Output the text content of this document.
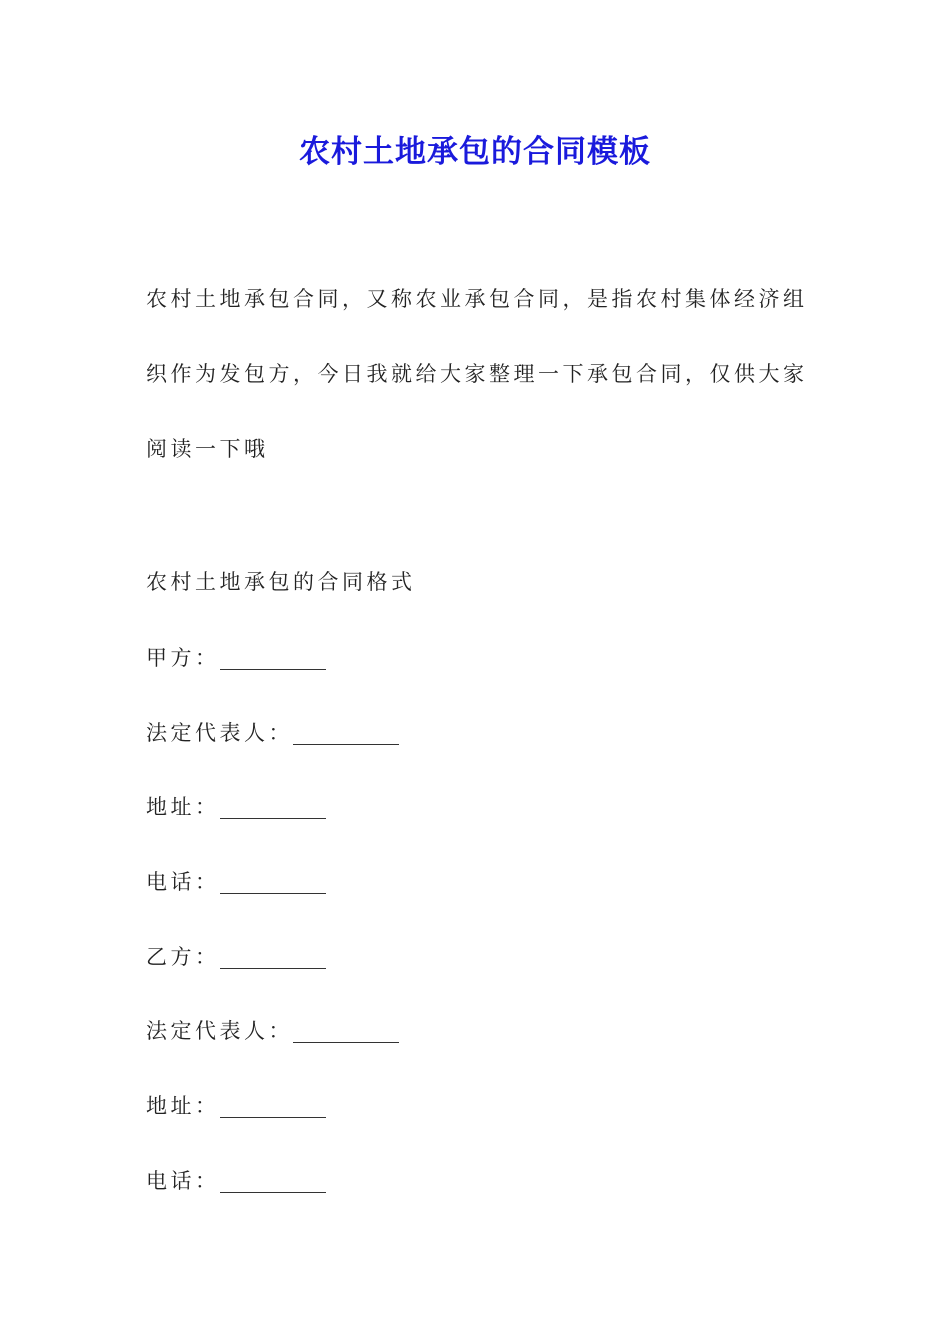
农村土地承包的合同模板
农村土地承包合同，又称农业承包合同，是指农村集体经济组
织作为发包方，今日我就给大家整理一下承包合同，仅供大家
阅读一下哦
农村土地承包的合同格式
甲方：
法定代表人：
地址：
电话：
乙方：
法定代表人：
地址：
电话：
